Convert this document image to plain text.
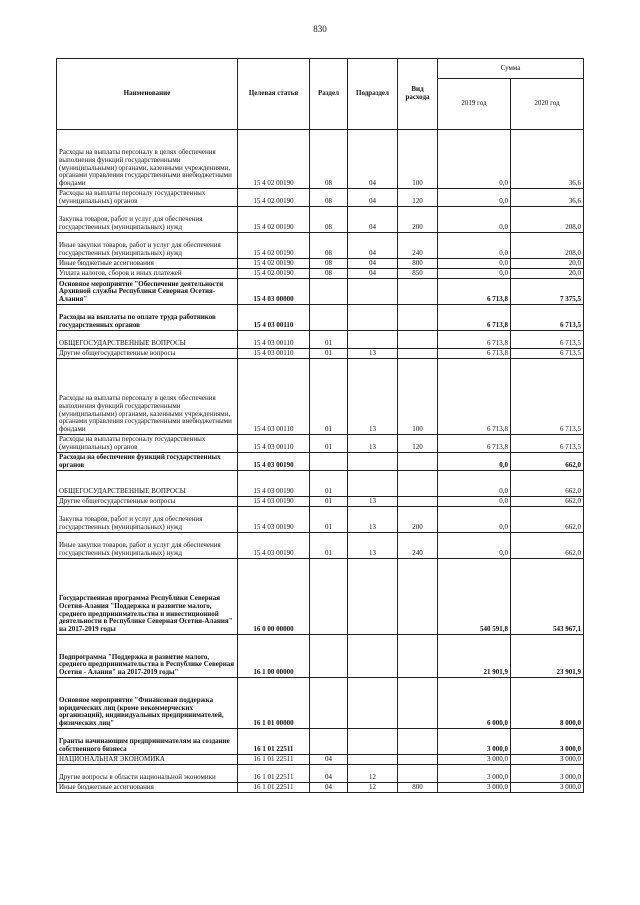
830
Наименование	Целевая статья	Раздел	Подраздел	Вид расхода	Сумма	
					2019 год	2020 год
Расходы на выплаты персоналу в целях обеспечения выполнения функций государственными (муниципальными) органами, казенными учреждениями, органами управления государственными внебюджетными фондами	15 4 02 00190	08	04	100	0,0	36,6
Расходы на выплаты персоналу государственных (муниципальных) органов	15 4 02 00190	08	04	120	0,0	36,6
Закупка товаров, работ и услуг для обеспечения государственных (муниципальных) нужд	15 4 02 00190	08	04	200	0,0	208,0
Иные закупки товаров, работ и услуг для обеспечения государственных (муниципальных) нужд	15 4 02 00190	08	04	240	0,0	208,0
Иные бюджетные ассигнования	15 4 02 00190	08	04	800	0,0	20,0
Уплата налогов, сборов и иных платежей	15 4 02 00190	08	04	850	0,0	20,0
Основное мероприятие "Обеспечение деятельности Архивной службы Республики Северная Осетия-Алания"	15 4 03 00000				6 713,8	7 375,5
Расходы на выплаты по оплате труда работников государственных органов	15 4 03 00110				6 713,8	6 713,5
ОБЩЕГОСУДАРСТВЕННЫЕ ВОПРОСЫ	15 4 03 00110	01			6 713,8	6 713,5
Другие общегосударственные вопросы	15 4 03 00110	01	13		6 713,8	6 713,5
Расходы на выплаты персоналу в целях обеспечения выполнения функций государственными (муниципальными) органами, казенными учреждениями, органами управления государственными внебюджетными фондами	15 4 03 00110	01	13	100	6 713,8	6 713,5
Расходы на выплаты персоналу государственных (муниципальных) органов	15 4 03 00110	01	13	120	6 713,8	6 713,5
Расходы на обеспечение функций государственных органов	15 4 03 00190				0,0	662,0
ОБЩЕГОСУДАРСТВЕННЫЕ ВОПРОСЫ	15 4 03 00190	01			0,0	662,0
Другие общегосударственные вопросы	15 4 03 00190	01	13		0,0	662,0
Закупка товаров, работ и услуг для обеспечения государственных (муниципальных) нужд	15 4 03 00190	01	13	200	0,0	662,0
Иные закупки товаров, работ и услуг для обеспечения государственных (муниципальных) нужд	15 4 03 00190	01	13	240	0,0	662,0
Государственная программа Республики Северная Осетия-Алания "Поддержка и развитие малого, среднего предпринимательства и инвестиционной деятельности в Республике Северная Осетия-Алания" на 2017-2019 годы	16 0 00 00000				540 591,8	543 967,1
Подпрограмма "Поддержка и развитие малого, среднего предпринимательства в Республике Северная Осетия - Алания" на 2017-2019 годы"	16 1 00 00000				21 901,9	23 901,9
Основное мероприятие "Финансовая поддержка юридических лиц (кроме некоммерческих организаций), индивидуальных предпринимателей, физических лиц"	16 1 01 00000				6 000,0	8 000,0
Гранты начинающим предпринимателям на создание собственного бизнеса	16 1 01 22511				3 000,0	3 000,0
НАЦИОНАЛЬНАЯ ЭКОНОМИКА	16 1 01 22511	04			3 000,0	3 000,0
Другие вопросы в области национальной экономики	16 1 01 22511	04	12		3 000,0	3 000,0
Иные бюджетные ассигнования	16 1 01 22511	04	12	800	3 000,0	3 000,0
